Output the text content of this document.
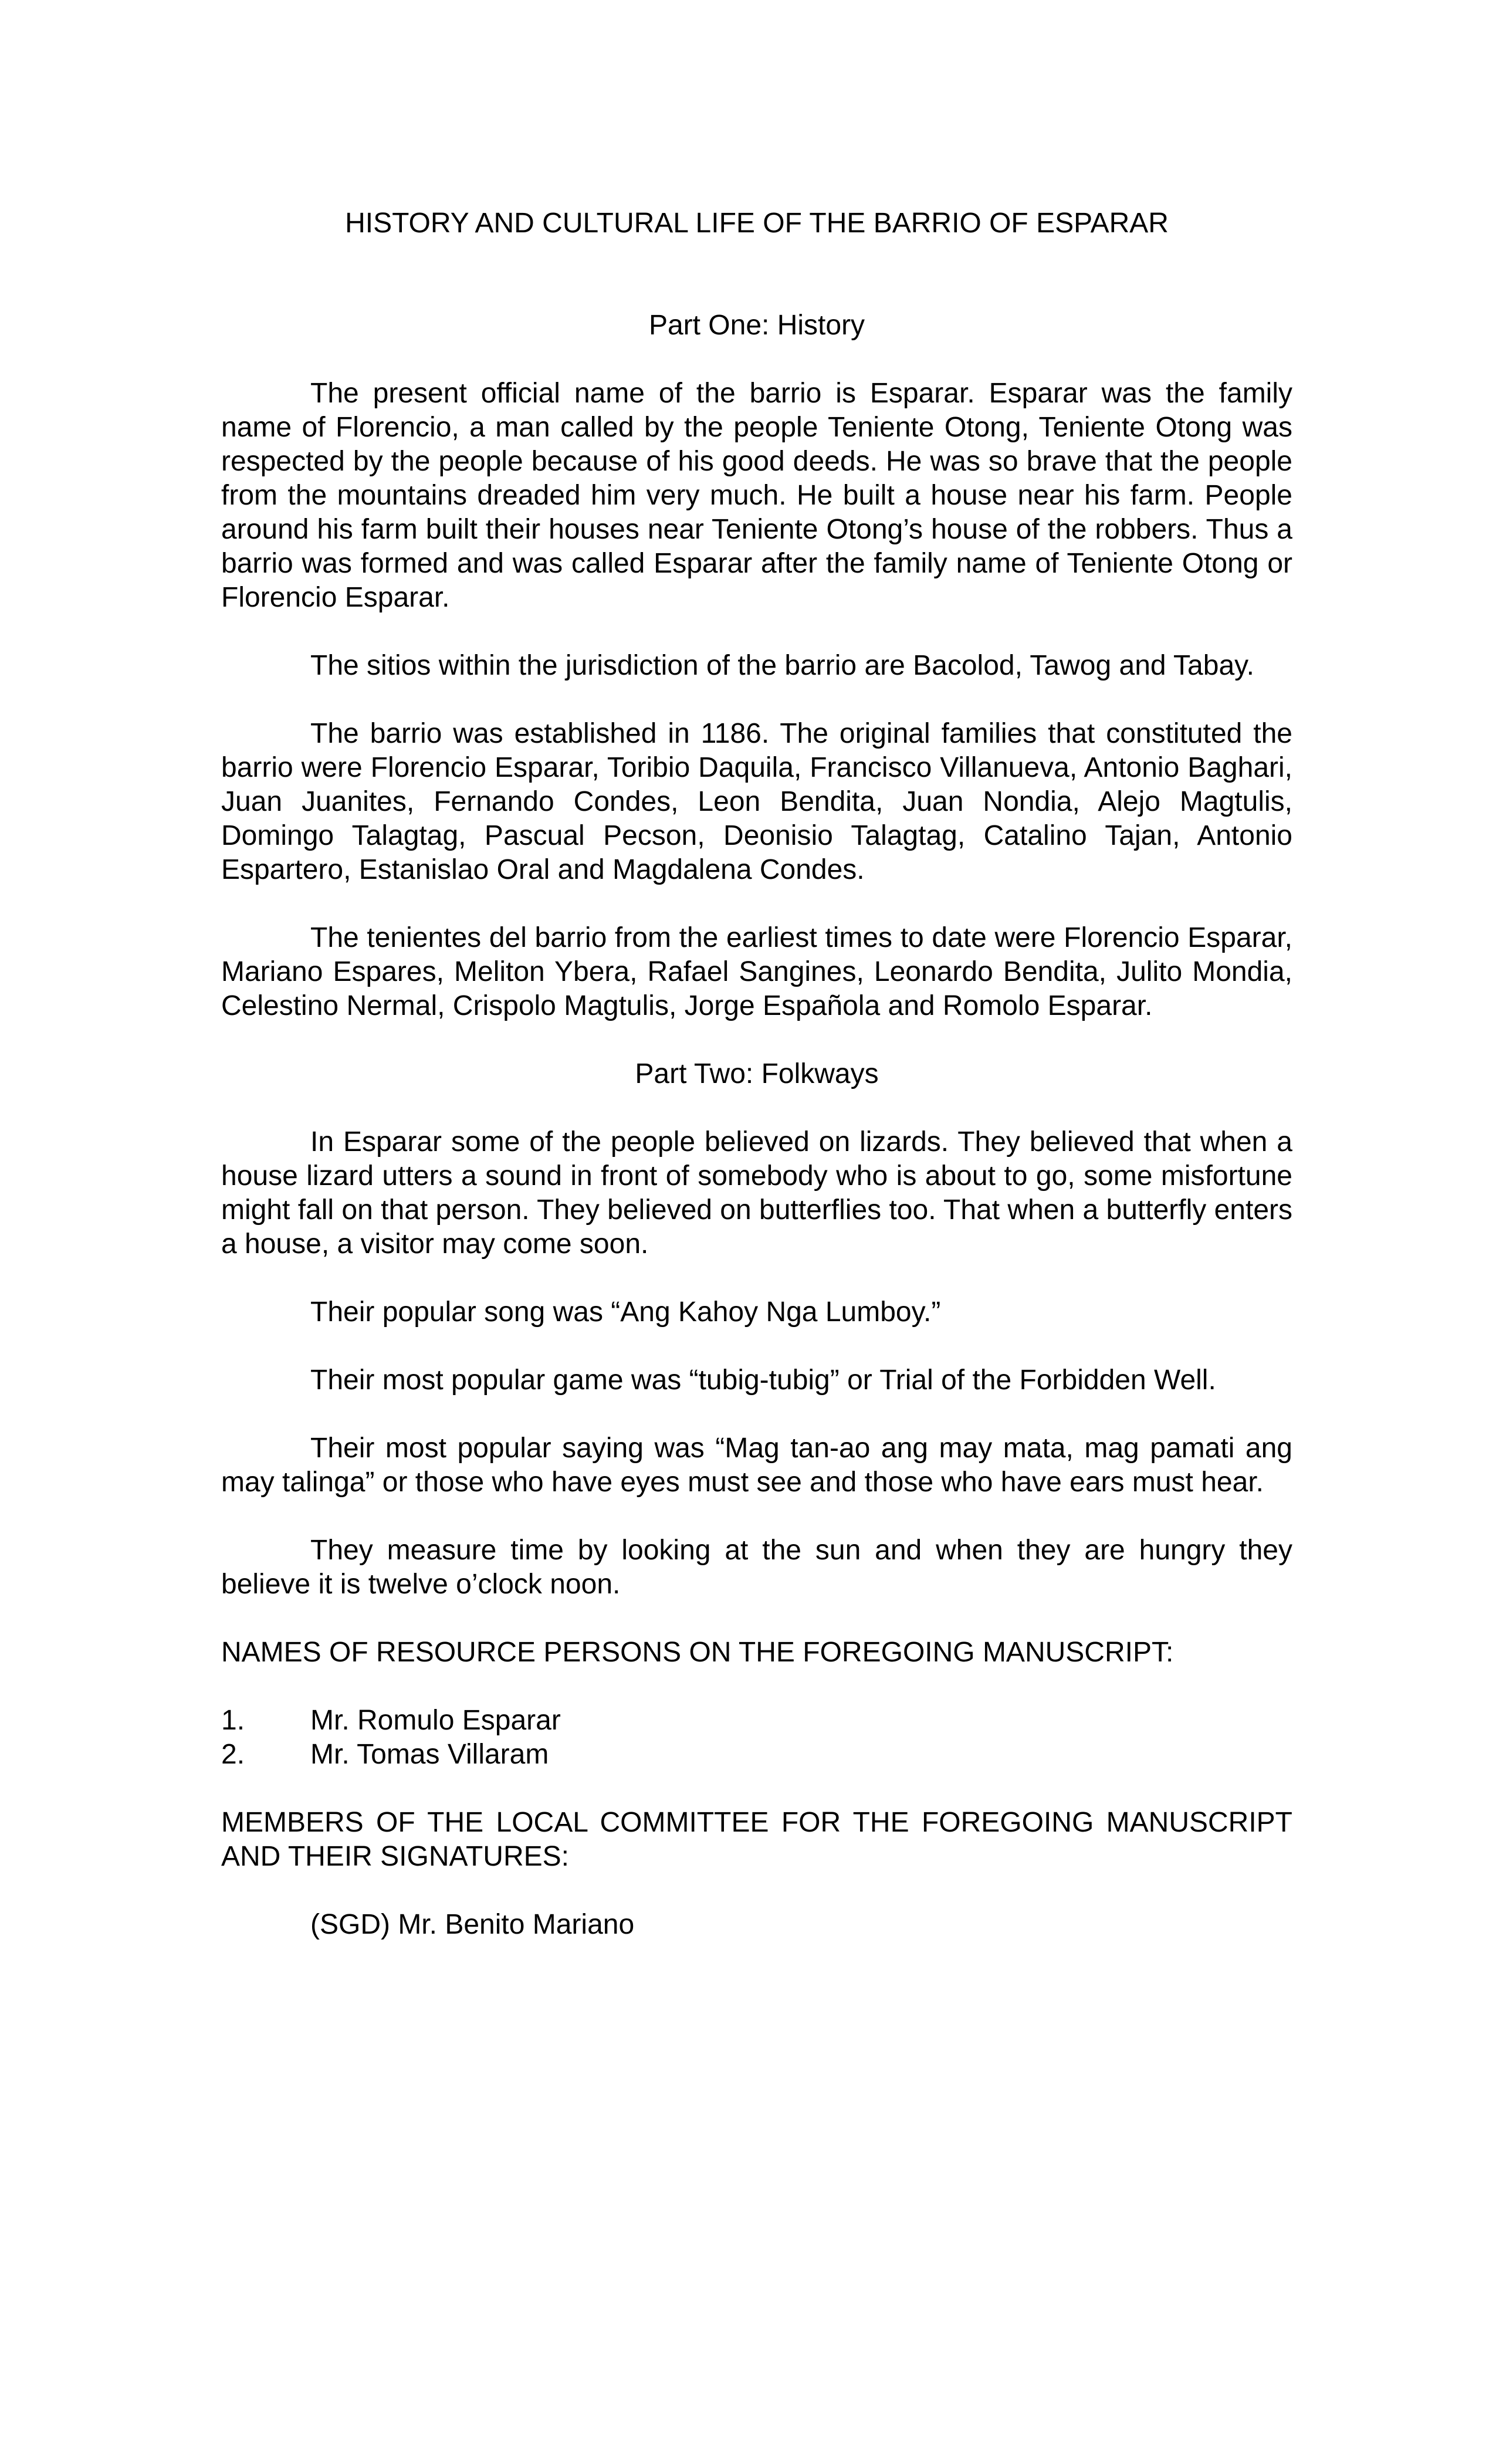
HISTORY AND CULTURAL LIFE OF THE BARRIO OF ESPARAR

Part One: History

The present official name of the barrio is Esparar. Esparar was the family name of Florencio, a man called by the people Teniente Otong, Teniente Otong was respected by the people because of his good deeds. He was so brave that the people from the mountains dreaded him very much. He built a house near his farm. People around his farm built their houses near Teniente Otong’s house of the robbers. Thus a barrio was formed and was called Esparar after the family name of Teniente Otong or Florencio Esparar.

The sitios within the jurisdiction of the barrio are Bacolod, Tawog and Tabay.

The barrio was established in 1186. The original families that constituted the barrio were Florencio Esparar, Toribio Daquila, Francisco Villanueva, Antonio Baghari, Juan Juanites, Fernando Condes, Leon Bendita, Juan Nondia, Alejo Magtulis, Domingo Talagtag, Pascual Pecson, Deonisio Talagtag, Catalino Tajan, Antonio Espartero, Estanislao Oral and Magdalena Condes.

The tenientes del barrio from the earliest times to date were Florencio Esparar, Mariano Espares, Meliton Ybera, Rafael Sangines, Leonardo Bendita, Julito Mondia, Celestino Nermal, Crispolo Magtulis, Jorge Española and Romolo Esparar.

Part Two: Folkways

In Esparar some of the people believed on lizards. They believed that when a house lizard utters a sound in front of somebody who is about to go, some misfortune might fall on that person. They believed on butterflies too. That when a butterfly enters a house, a visitor may come soon.

Their popular song was “Ang Kahoy Nga Lumboy.”

Their most popular game was “tubig-tubig” or Trial of the Forbidden Well.

Their most popular saying was “Mag tan-ao ang may mata, mag pamati ang may talinga” or those who have eyes must see and those who have ears must hear.

They measure time by looking at the sun and when they are hungry they believe it is twelve o’clock noon.

NAMES OF RESOURCE PERSONS ON THE FOREGOING MANUSCRIPT:

1.	Mr. Romulo Esparar
2.	Mr. Tomas Villaram

MEMBERS OF THE LOCAL COMMITTEE FOR THE FOREGOING MANUSCRIPT AND THEIR SIGNATURES:

(SGD) Mr. Benito Mariano
